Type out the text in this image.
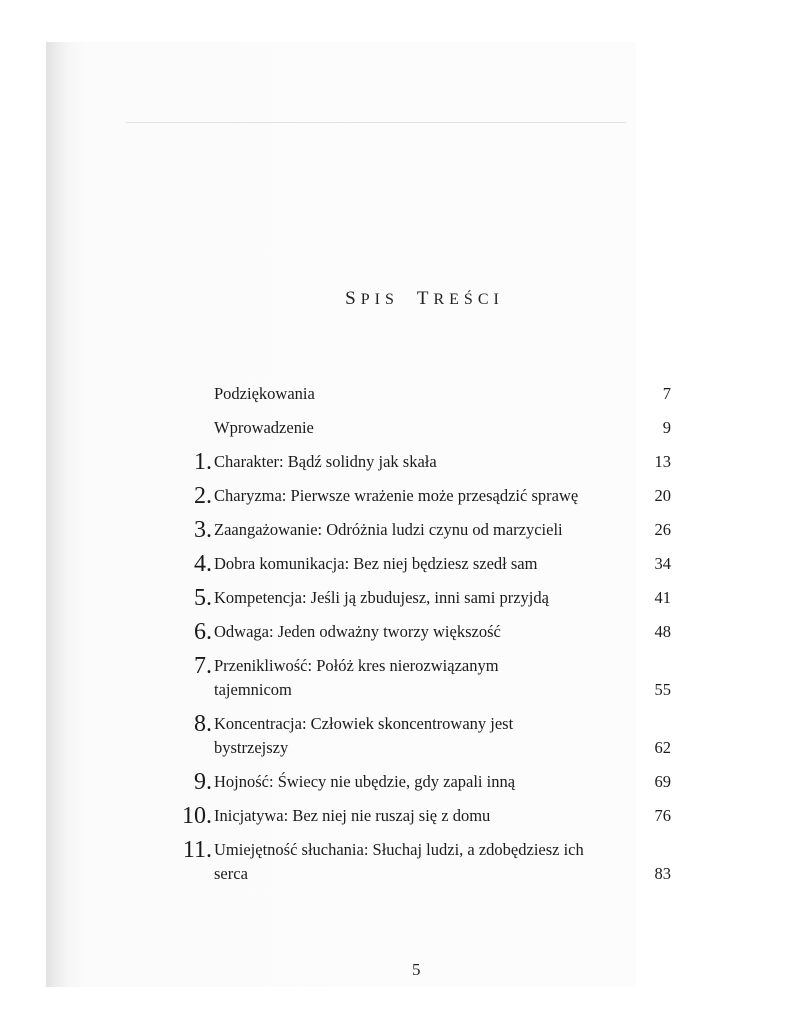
SPIS TREŚCI
Podziękowania	7
Wprowadzenie	9
1. Charakter: Bądź solidny jak skała	13
2. Charyzma: Pierwsze wrażenie może przesądzić sprawę	20
3. Zaangażowanie: Odróżnia ludzi czynu od marzycieli	26
4. Dobra komunikacja: Bez niej będziesz szedł sam	34
5. Kompetencja: Jeśli ją zbudujesz, inni sami przyjdą	41
6. Odwaga: Jeden odważny tworzy większość	48
7. Przenikliwość: Połóż kres nierozwiązanym tajemnicom	55
8. Koncentracja: Człowiek skoncentrowany jest bystrzejszy	62
9. Hojność: Świecy nie ubędzie, gdy zapali inną	69
10. Inicjatywa: Bez niej nie ruszaj się z domu	76
11. Umiejętność słuchania: Słuchaj ludzi, a zdobędziesz ich serca	83
5
